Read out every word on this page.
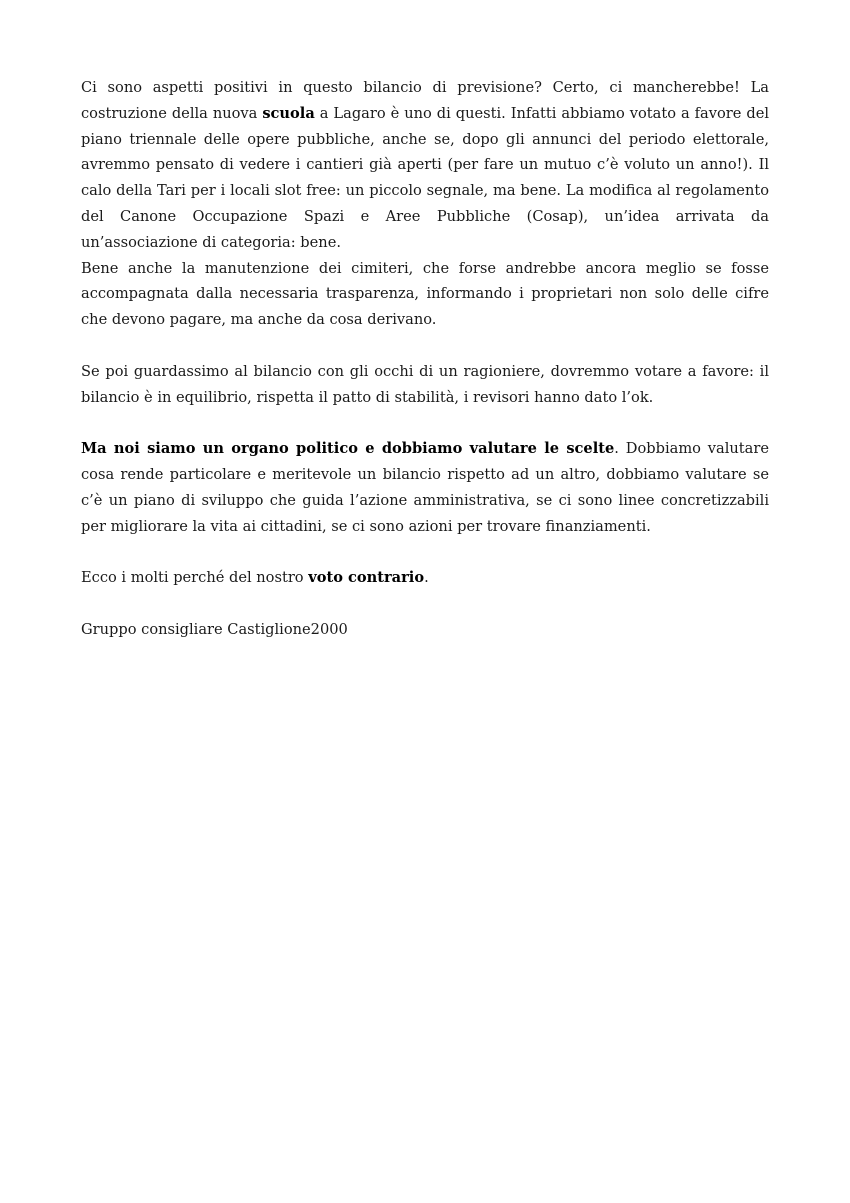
Ci sono aspetti positivi in questo bilancio di previsione? Certo, ci mancherebbe! La costruzione della nuova scuola a Lagaro è uno di questi. Infatti abbiamo votato a favore del piano triennale delle opere pubbliche, anche se, dopo gli annunci del periodo elettorale, avremmo pensato di vedere i cantieri già aperti (per fare un mutuo c’è voluto un anno!). Il calo della Tari per i locali slot free: un piccolo segnale, ma bene. La modifica al regolamento del Canone Occupazione Spazi e Aree Pubbliche (Cosap), un’idea arrivata da un’associazione di categoria: bene.

Bene anche la manutenzione dei cimiteri, che forse andrebbe ancora meglio se fosse accompagnata dalla necessaria trasparenza, informando i proprietari non solo delle cifre che devono pagare, ma anche da cosa derivano.

Se poi guardassimo al bilancio con gli occhi di un ragioniere, dovremmo votare a favore: il bilancio è in equilibrio, rispetta il patto di stabilità, i revisori hanno dato l’ok.

Ma noi siamo un organo politico e dobbiamo valutare le scelte. Dobbiamo valutare cosa rende particolare e meritevole un bilancio rispetto ad un altro, dobbiamo valutare se c’è un piano di sviluppo che guida l’azione amministrativa, se ci sono linee concretizzabili per migliorare la vita ai cittadini, se ci sono azioni per trovare finanziamenti.

Ecco i molti perché del nostro voto contrario.

Gruppo consigliare Castiglione2000
